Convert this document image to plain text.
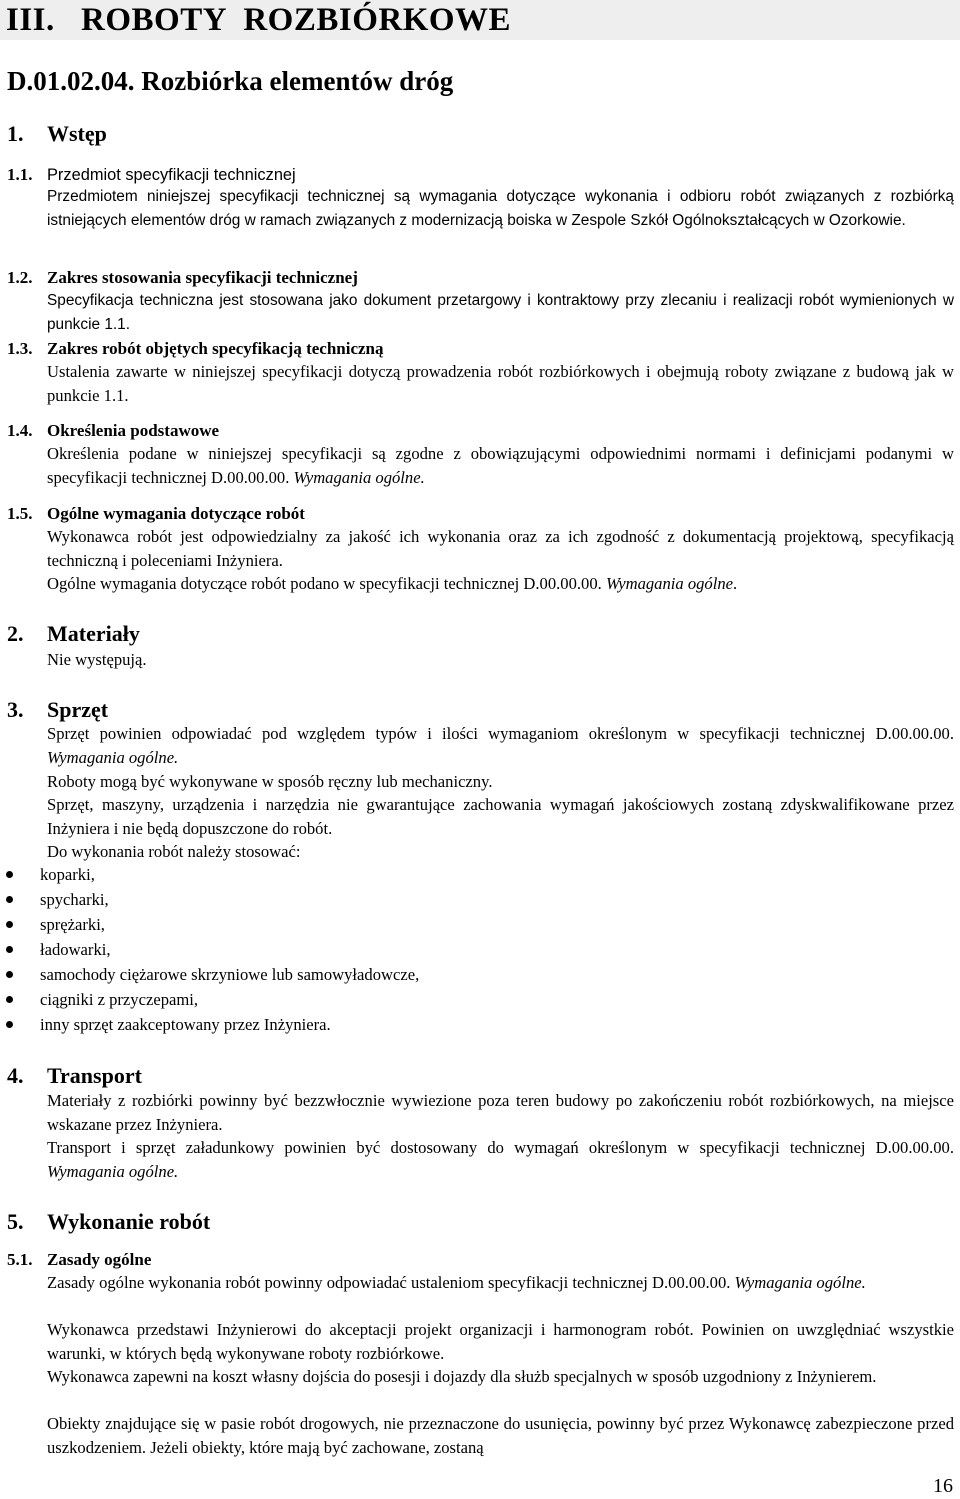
III.   ROBOTY  ROZBIÓRKOWE
D.01.02.04. Rozbiórka elementów dróg
1. Wstęp
1.1. Przedmiot specyfikacji technicznej
Przedmiotem niniejszej specyfikacji technicznej są wymagania dotyczące wykonania i odbioru robót związanych z rozbiórką istniejących elementów dróg w ramach związanych z modernizacją boiska w Zespole Szkół Ogólnokształcących w Ozorkowie.
1.2. Zakres stosowania specyfikacji technicznej
Specyfikacja techniczna jest stosowana jako dokument przetargowy i kontraktowy przy zlecaniu i realizacji robót wymienionych w punkcie 1.1.
1.3. Zakres robót objętych specyfikacją techniczną
Ustalenia zawarte w niniejszej specyfikacji dotyczą prowadzenia robót rozbiórkowych i obejmują roboty związane z budową jak w punkcie 1.1.
1.4. Określenia podstawowe
Określenia podane w niniejszej specyfikacji są zgodne z obowiązującymi odpowiednimi normami i definicjami podanymi w specyfikacji technicznej D.00.00.00. Wymagania ogólne.
1.5. Ogólne wymagania dotyczące robót
Wykonawca robót jest odpowiedzialny za jakość ich wykonania oraz za ich zgodność z dokumentacją projektową, specyfikacją techniczną i poleceniami Inżyniera.
Ogólne wymagania dotyczące robót podano w specyfikacji technicznej D.00.00.00. Wymagania ogólne.
2. Materiały
Nie występują.
3. Sprzęt
Sprzęt powinien odpowiadać pod względem typów i ilości wymaganiom określonym w specyfikacji technicznej D.00.00.00. Wymagania ogólne.
Roboty mogą być wykonywane w sposób ręczny lub mechaniczny.
Sprzęt, maszyny, urządzenia i narzędzia nie gwarantujące zachowania wymagań jakościowych zostaną zdyskwalifikowane przez Inżyniera i nie będą dopuszczone do robót.
Do wykonania robót należy stosować:
koparki,
spycharki,
sprężarki,
ładowarki,
samochody ciężarowe skrzyniowe lub samowyładowcze,
ciągniki z przyczepami,
inny sprzęt zaakceptowany przez Inżyniera.
4. Transport
Materiały z rozbiórki powinny być bezzwłocznie wywiezione poza teren budowy po zakończeniu robót rozbiórkowych, na miejsce wskazane przez Inżyniera.
Transport i sprzęt załadunkowy powinien być dostosowany do wymagań określonym w specyfikacji technicznej D.00.00.00. Wymagania ogólne.
5. Wykonanie robót
5.1. Zasady ogólne
Zasady ogólne wykonania robót powinny odpowiadać ustaleniom specyfikacji technicznej D.00.00.00. Wymagania ogólne.
Wykonawca przedstawi Inżynierowi do akceptacji projekt organizacji i harmonogram robót. Powinien on uwzględniać wszystkie warunki, w których będą wykonywane roboty rozbiórkowe.
Wykonawca zapewni na koszt własny dojścia do posesji i dojazdy dla służb specjalnych w sposób uzgodniony z Inżynierem.
Obiekty znajdujące się w pasie robót drogowych, nie przeznaczone do usunięcia, powinny być przez Wykonawcę zabezpieczone przed uszkodzeniem. Jeżeli obiekty, które mają być zachowane, zostaną
16
